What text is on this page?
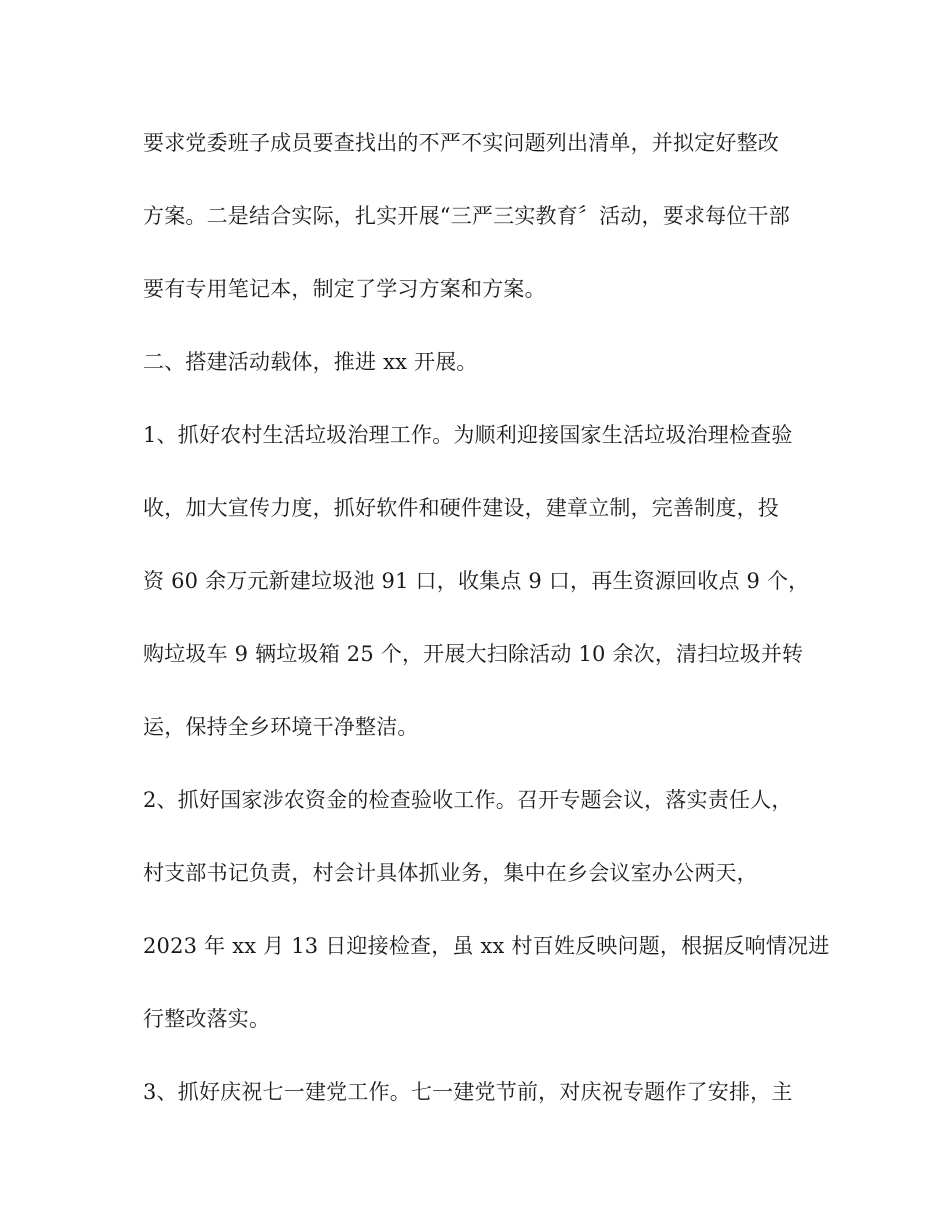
要求党委班子成员要查找出的不严不实问题列出清单，并拟定好整改
方案。二是结合实际，扎实开展“三严三实教育〞活动，要求每位干部
要有专用笔记本，制定了学习方案和方案。
二、搭建活动载体，推进 xx 开展。
1、抓好农村生活垃圾治理工作。为顺利迎接国家生活垃圾治理检查验
收，加大宣传力度，抓好软件和硬件建设，建章立制，完善制度，投
资 60 余万元新建垃圾池 91 口，收集点 9 口，再生资源回收点 9 个，
购垃圾车 9 辆垃圾箱 25 个，开展大扫除活动 10 余次，清扫垃圾并转
运，保持全乡环境干净整洁。
2、抓好国家涉农资金的检查验收工作。召开专题会议，落实责任人，
村支部书记负责，村会计具体抓业务，集中在乡会议室办公两天，
2023 年 xx 月 13 日迎接检查，虽 xx 村百姓反映问题，根据反响情况进
行整改落实。
3、抓好庆祝七一建党工作。七一建党节前，对庆祝专题作了安排，主
